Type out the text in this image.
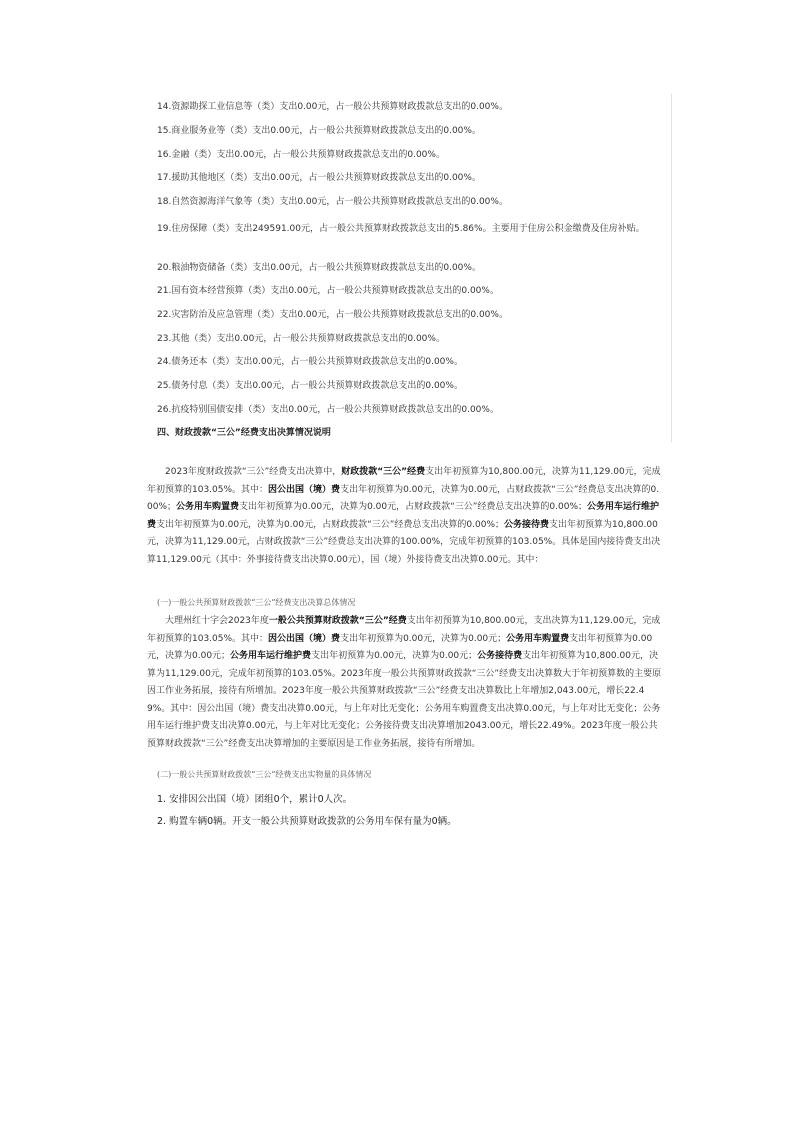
14.资源勘探工业信息等（类）支出0.00元，占一般公共预算财政拨款总支出的0.00%。
15.商业服务业等（类）支出0.00元，占一般公共预算财政拨款总支出的0.00%。
16.金融（类）支出0.00元，占一般公共预算财政拨款总支出的0.00%。
17.援助其他地区（类）支出0.00元，占一般公共预算财政拨款总支出的0.00%。
18.自然资源海洋气象等（类）支出0.00元，占一般公共预算财政拨款总支出的0.00%。
19.住房保障（类）支出249591.00元，占一般公共预算财政拨款总支出的5.86%。主要用于住房公积金缴费及住房补贴。
20.粮油物资储备（类）支出0.00元，占一般公共预算财政拨款总支出的0.00%。
21.国有资本经营预算（类）支出0.00元，占一般公共预算财政拨款总支出的0.00%。
22.灾害防治及应急管理（类）支出0.00元，占一般公共预算财政拨款总支出的0.00%。
23.其他（类）支出0.00元，占一般公共预算财政拨款总支出的0.00%。
24.债务还本（类）支出0.00元，占一般公共预算财政拨款总支出的0.00%。
25.债务付息（类）支出0.00元，占一般公共预算财政拨款总支出的0.00%。
26.抗疫特别国债安排（类）支出0.00元，占一般公共预算财政拨款总支出的0.00%。
四、财政拨款“三公”经费支出决算情况说明
2023年度财政拨款“三公”经费支出决算中，财政拨款“三公”经费支出年初预算为10,800.00元，决算为11,129.00元，完成年初预算的103.05%。其中：因公出国（境）费支出年初预算为0.00元，决算为0.00元，占财政拨款“三公”经费总支出决算的0.00%；公务用车购置费支出年初预算为0.00元，决算为0.00元，占财政拨款“三公”经费总支出决算的0.00%；公务用车运行维护费支出年初预算为0.00元，决算为0.00元，占财政拨款“三公”经费总支出决算的0.00%；公务接待费支出年初预算为10,800.00元，决算为11,129.00元，占财政拨款“三公”经费总支出决算的100.00%，完成年初预算的103.05%。具体是国内接待费支出决算11,129.00元（其中：外事接待费支出决算0.00元），国（境）外接待费支出决算0.00元。其中：
(一)一般公共预算财政拨款“三公”经费支出决算总体情况
大理州红十字会2023年度一般公共预算财政拨款“三公”经费支出年初预算为10,800.00元，支出决算为11,129.00元，完成年初预算的103.05%。其中：因公出国（境）费支出年初预算为0.00元，决算为0.00元；公务用车购置费支出年初预算为0.00元，决算为0.00元；公务用车运行维护费支出年初预算为0.00元，决算为0.00元；公务接待费支出年初预算为10,800.00元，决算为11,129.00元，完成年初预算的103.05%。2023年度一般公共预算财政拨款“三公”经费支出决算数大于年初预算数的主要原因工作业务拓展，接待有所增加。2023年度一般公共预算财政拨款“三公”经费支出决算数比上年增加2,043.00元，增长22.49%。其中：因公出国（境）费支出决算0.00元，与上年对比无变化；公务用车购置费支出决算0.00元，与上年对比无变化；公务用车运行维护费支出决算0.00元，与上年对比无变化；公务接待费支出决算增加2043.00元，增长22.49%。2023年度一般公共预算财政拨款“三公”经费支出决算增加的主要原因是工作业务拓展，接待有所增加。
(二)一般公共预算财政拨款“三公”经费支出实物量的具体情况
1. 安排因公出国（境）团组0个，累计0人次。
2. 购置车辆0辆。开支一般公共预算财政拨款的公务用车保有量为0辆。
